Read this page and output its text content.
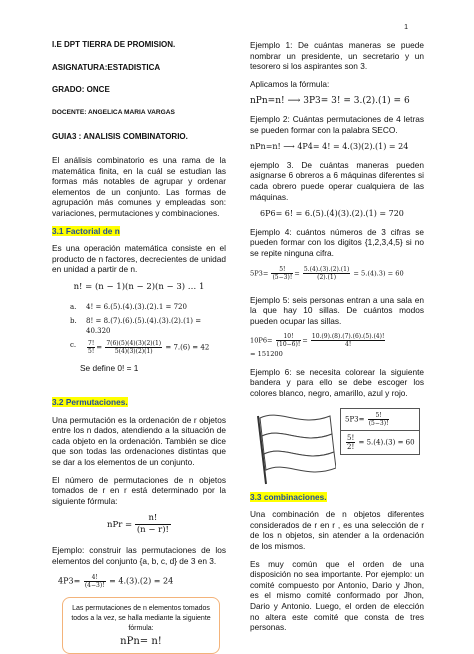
1

I.E DPT TIERRA DE PROMISION.

ASIGNATURA:ESTADISTICA

GRADO: ONCE

DOCENTE: ANGELICA MARIA VARGAS

GUIA3 : ANALISIS COMBINATORIO.

El análisis combinatorio es una rama de la matemática finita, en la cuál se estudian las formas más notables de agrupar y ordenar elementos de un conjunto. Las formas de agrupación más comunes y empleadas son: variaciones, permutaciones y combinaciones.

3.1 Factorial de n

Es una operación matemática consiste en el producto de n factores, decrecientes de unidad en unidad a partir de n.

n! = (n − 1)(n − 2)(n − 3) … 1
a. 4! = 6.(5).(4).(3).(2).1 = 720
b. 8! = 8.(7).(6).(5).(4).(3).(2).(1) = 40.320
c.	$\frac{7!}{5!} = \frac{7(6)(5)(4)(3)(2)(1)}{5(4)(3)(2)(1)} = 7.(6) = 42$

Se define 0! = 1

3.2 Permutaciones.

Una permutación es la ordenación de r objetos entre los n dados, atendiendo a la situación de cada objeto en la ordenación. También se dice que son todas las ordenaciones distintas que se dar a los elementos de un conjunto.

El número de permutaciones de n objetos tomados de r en r está determinado por la siguiente fórmula:

nPr = $\frac{n!}{(n - r)!}$

Ejemplo: construir las permutaciones de los elementos del conjunto {a, b, c, d} de 3 en 3.

$4P3= \frac{4!}{(4-3)!} = 4.(3).(2) = 24$
Las permutaciones de n elementos tomados todos a la vez, se halla mediante la siguiente fórmula:
nPn= n!

Ejemplo 1: De cuántas maneras se puede nombrar un presidente, un secretario y un tesorero si los aspirantes son 3.

Aplicamos la fórmula:

nPn=n! ⟶ 3P3= 3! = 3.(2).(1) = 6

Ejemplo 2: Cuántas permutaciones de 4 letras se pueden formar con la palabra SECO.

nPn=n! ⟶ 4P4= 4! = 4.(3)(2).(1) = 24

ejemplo 3. De cuántas maneras pueden asignarse 6 obreros a 6 máquinas diferentes si cada obrero puede operar cualquiera de las máquinas.

6P6= 6! = 6.(5).(4)(3).(2).(1) = 720

Ejemplo 4: cuántos números de 3 cifras se pueden formar con los digitos {1,2,3,4,5} si no se repite ninguna cifra.

$5P3= \frac{5!}{(5-3)!} = \frac{5.(4).(3).(2).(1)}{(2).(1)} = 5.(4).3) = 60$

Ejemplo 5: seis personas entran a una sala en la que hay 10 sillas. De cuántos modos pueden ocupar las sillas.

$10P6= \frac{10!}{(10-6)!} = \frac{10.(9).(8).(7).(6).(5).(4)!}{4!}$

= 151200

Ejemplo 6: se necesita colorear la siguiente bandera y para ello se debe escoger los colores blanco, negro, amarillo, azul y rojo.

$5P3= \frac{5!}{(5-3)!}$
$\frac{5!}{2!} = 5.(4).(3) = 60$

3.3 combinaciones.

Una combinación de n objetos diferentes considerados de r en r , es una selección de r de los n objetos, sin atender a la ordenación de los mismos.

Es muy común que el orden de una disposición no sea importante. Por ejemplo: un comité compuesto por Antonio, Dario y Jhon, es el mismo comité conformado por Jhon, Dario y Antonio. Luego, el orden de elección no altera este comité que consta de tres personas.
